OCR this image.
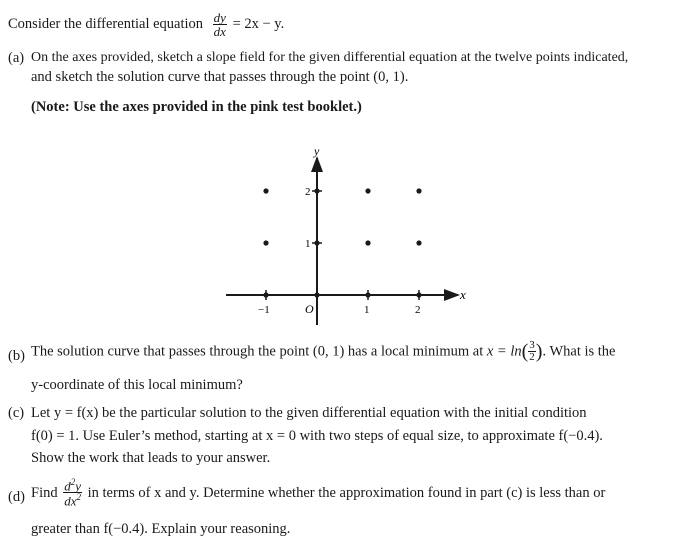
Consider the differential equation $\frac{dy}{dx} = 2x - y$.
(a) On the axes provided, sketch a slope field for the given differential equation at the twelve points indicated,
and sketch the solution curve that passes through the point (0, 1).
(Note: Use the axes provided in the pink test booklet.)
x
y
−1	O	1	2
1
2
(b) The solution curve that passes through the point (0, 1) has a local minimum at $x = \ln( \frac{3}{2}$ ). What is the
y-coordinate of this local minimum?
(c) Let y = f(x) be the particular solution to the given differential equation with the initial condition
f(0) = 1. Use Euler’s method, starting at x = 0 with two steps of equal size, to approximate f(−0.4).
Show the work that leads to your answer.
(d) Find $\frac{d^2y}{dx^2}$ in terms of x and y. Determine whether the approximation found in part (c) is less than or
greater than f(−0.4). Explain your reasoning.
